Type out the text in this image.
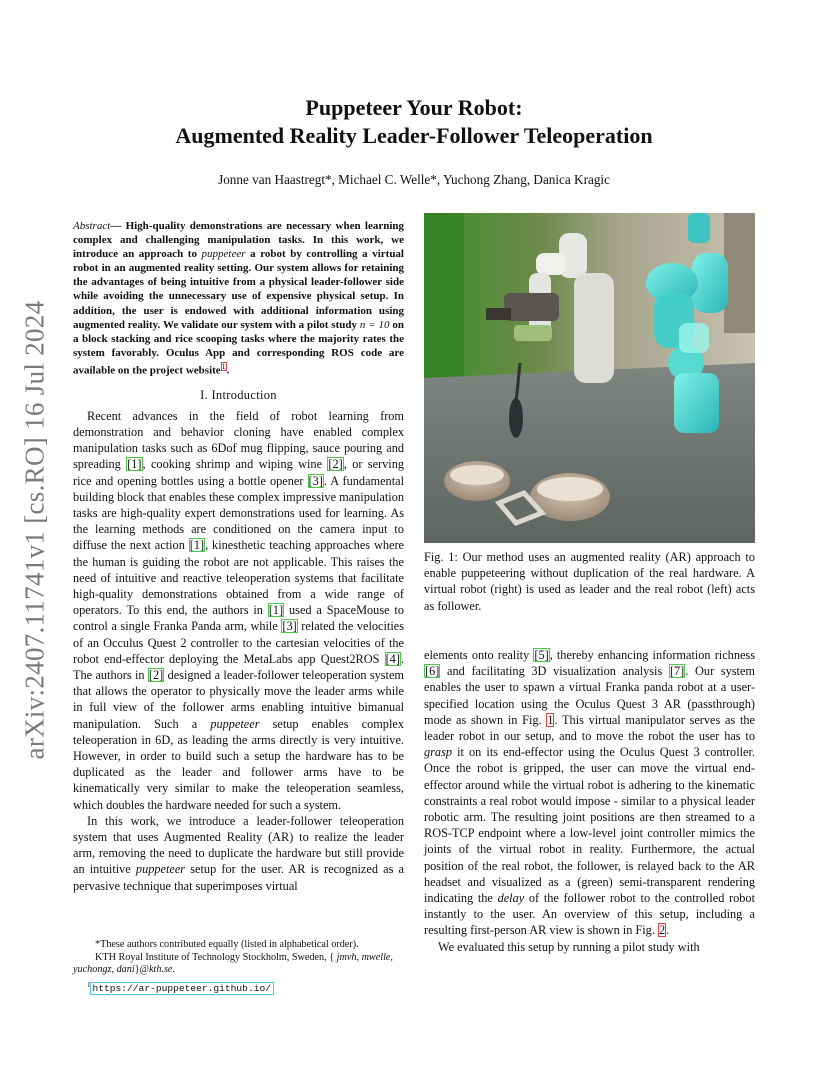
arXiv:2407.11741v1 [cs.RO] 16 Jul 2024
Puppeteer Your Robot:
Augmented Reality Leader-Follower Teleoperation
Jonne van Haastregt*, Michael C. Welle*, Yuchong Zhang, Danica Kragic

Abstract— High-quality demonstrations are necessary when learning complex and challenging manipulation tasks. In this work, we introduce an approach to puppeteer a robot by controlling a virtual robot in an augmented reality setting. Our system allows for retaining the advantages of being intuitive from a physical leader-follower side while avoiding the unnecessary use of expensive physical setup. In addition, the user is endowed with additional information using augmented reality. We validate our system with a pilot study n = 10 on a block stacking and rice scooping tasks where the majority rates the system favorably. Oculus App and corresponding ROS code are available on the project website$^1$.

I. Introduction

Recent advances in the field of robot learning from demonstration and behavior cloning have enabled complex manipulation tasks such as 6Dof mug flipping, sauce pouring and spreading [1], cooking shrimp and wiping wine [2], or serving rice and opening bottles using a bottle opener [3]. A fundamental building block that enables these complex impressive manipulation tasks are high-quality expert demonstrations used for learning. As the learning methods are conditioned on the camera input to diffuse the next action [1], kinesthetic teaching approaches where the human is guiding the robot are not applicable. This raises the need of intuitive and reactive teleoperation systems that facilitate high-quality demonstrations obtained from a wide range of operators. To this end, the authors in [1] used a SpaceMouse to control a single Franka Panda arm, while [3] related the velocities of an Occulus Quest 2 controller to the cartesian velocities of the robot end-effector deploying the MetaLabs app Quest2ROS [4]. The authors in [2] designed a leader-follower teleoperation system that allows the operator to physically move the leader arms while in full view of the follower arms enabling intuitive bimanual manipulation. Such a puppeteer setup enables complex teleoperation in 6D, as leading the arms directly is very intuitive. However, in order to build such a setup the hardware has to be duplicated as the leader and follower arms have to be kinematically very similar to make the teleoperation seamless, which doubles the hardware needed for such a system.

In this work, we introduce a leader-follower teleoperation system that uses Augmented Reality (AR) to realize the leader arm, removing the need to duplicate the hardware but still provide an intuitive puppeteer setup for the user. AR is recognized as a pervasive technique that superimposes virtual

*These authors contributed equally (listed in alphabetical order).

KTH Royal Institute of Technology Stockholm, Sweden, { jmvh, mwelle, yuchongz, dani}@kth.se.

$^1$ https://ar-puppeteer.github.io/

Fig. 1: Our method uses an augmented reality (AR) approach to enable puppeteering without duplication of the real hardware. A virtual robot (right) is used as leader and the real robot (left) acts as follower.

elements onto reality [5], thereby enhancing information richness [6] and facilitating 3D visualization analysis [7]. Our system enables the user to spawn a virtual Franka panda robot at a user-specified location using the Oculus Quest 3 AR (passthrough) mode as shown in Fig. 1. This virtual manipulator serves as the leader robot in our setup, and to move the robot the user has to grasp it on its end-effector using the Oculus Quest 3 controller. Once the robot is gripped, the user can move the virtual end-effector around while the virtual robot is adhering to the kinematic constraints a real robot would impose - similar to a physical leader robotic arm. The resulting joint positions are then streamed to a ROS-TCP endpoint where a low-level joint controller mimics the joints of the virtual robot in reality. Furthermore, the actual position of the real robot, the follower, is relayed back to the AR headset and visualized as a (green) semi-transparent rendering indicating the delay of the follower robot to the controlled robot instantly to the user. An overview of this setup, including a resulting first-person AR view is shown in Fig. 2.

We evaluated this setup by running a pilot study with
